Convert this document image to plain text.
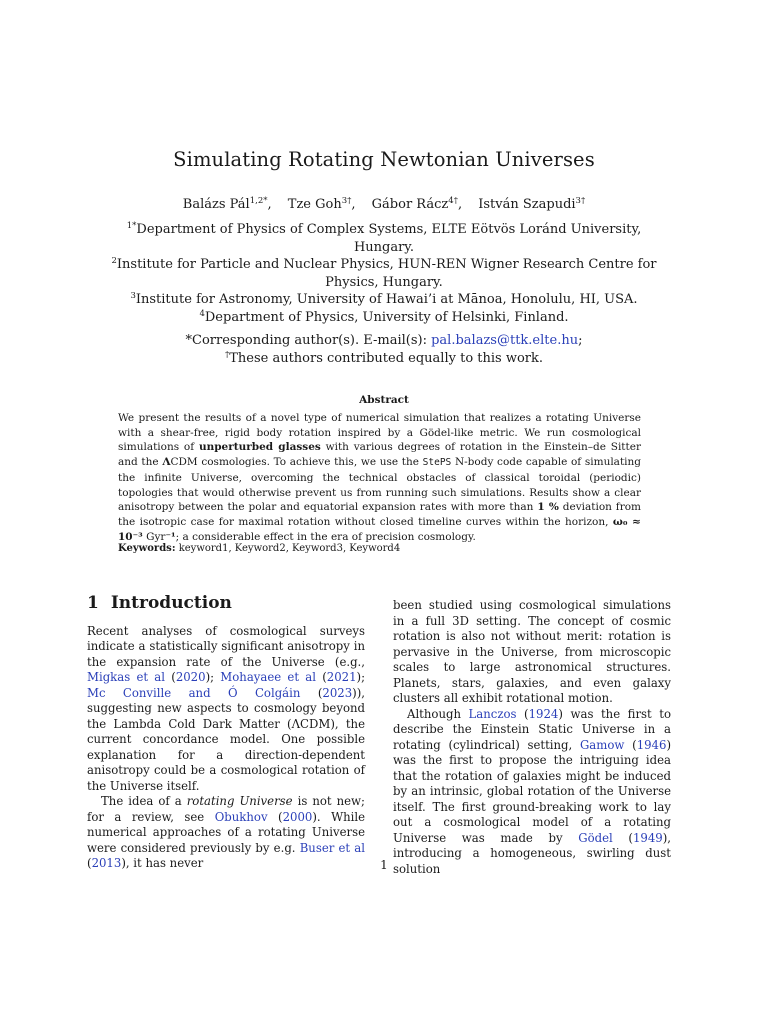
Simulating Rotating Newtonian Universes
Balázs Pál$^{1,2*}$, Tze Goh$^{3\dagger}$, Gábor Rácz$^{4\dagger}$, István Szapudi$^{3\dagger}$
$^{1*}$Department of Physics of Complex Systems, ELTE Eötvös Loránd University, Hungary.
$^2$Institute for Particle and Nuclear Physics, HUN-REN Wigner Research Centre for Physics, Hungary.
$^3$Institute for Astronomy, University of Hawai’i at Mānoa, Honolulu, HI, USA.
$^4$Department of Physics, University of Helsinki, Finland.
*Corresponding author(s). E-mail(s): pal.balazs@ttk.elte.hu;
†These authors contributed equally to this work.
Abstract
We present the results of a novel type of numerical simulation that realizes a rotating Universe with a shear-free, rigid body rotation inspired by a Gödel-like metric. We run cosmological simulations of unperturbed glasses with various degrees of rotation in the Einstein–de Sitter and the ΛCDM cosmologies. To achieve this, we use the StePS N-body code capable of simulating the infinite Universe, overcoming the technical obstacles of classical toroidal (periodic) topologies that would otherwise prevent us from running such simulations. Results show a clear anisotropy between the polar and equatorial expansion rates with more than 1 % deviation from the isotropic case for maximal rotation without closed timeline curves within the horizon, ω₀ ≈ 10⁻³ Gyr⁻¹; a considerable effect in the era of precision cosmology.
Keywords: keyword1, Keyword2, Keyword3, Keyword4
1 Introduction

Recent analyses of cosmological surveys indicate a statistically significant anisotropy in the expansion rate of the Universe (e.g., Migkas et al (2020); Mohayaee et al (2021); Mc Conville and Ó Colgáin (2023)), suggesting new aspects to cosmology beyond the Lambda Cold Dark Matter (ΛCDM), the current concordance model. One possible explanation for a direction-dependent anisotropy could be a cosmological rotation of the Universe itself.

The idea of a rotating Universe is not new; for a review, see Obukhov (2000). While numerical approaches of a rotating Universe were considered previously by e.g. Buser et al (2013), it has never

been studied using cosmological simulations in a full 3D setting. The concept of cosmic rotation is also not without merit: rotation is pervasive in the Universe, from microscopic scales to large astronomical structures. Planets, stars, galaxies, and even galaxy clusters all exhibit rotational motion.

Although Lanczos (1924) was the first to describe the Einstein Static Universe in a rotating (cylindrical) setting, Gamow (1946) was the first to propose the intriguing idea that the rotation of galaxies might be induced by an intrinsic, global rotation of the Universe itself. The first ground-breaking work to lay out a cosmological model of a rotating Universe was made by Gödel (1949), introducing a homogeneous, swirling dust solution

1
